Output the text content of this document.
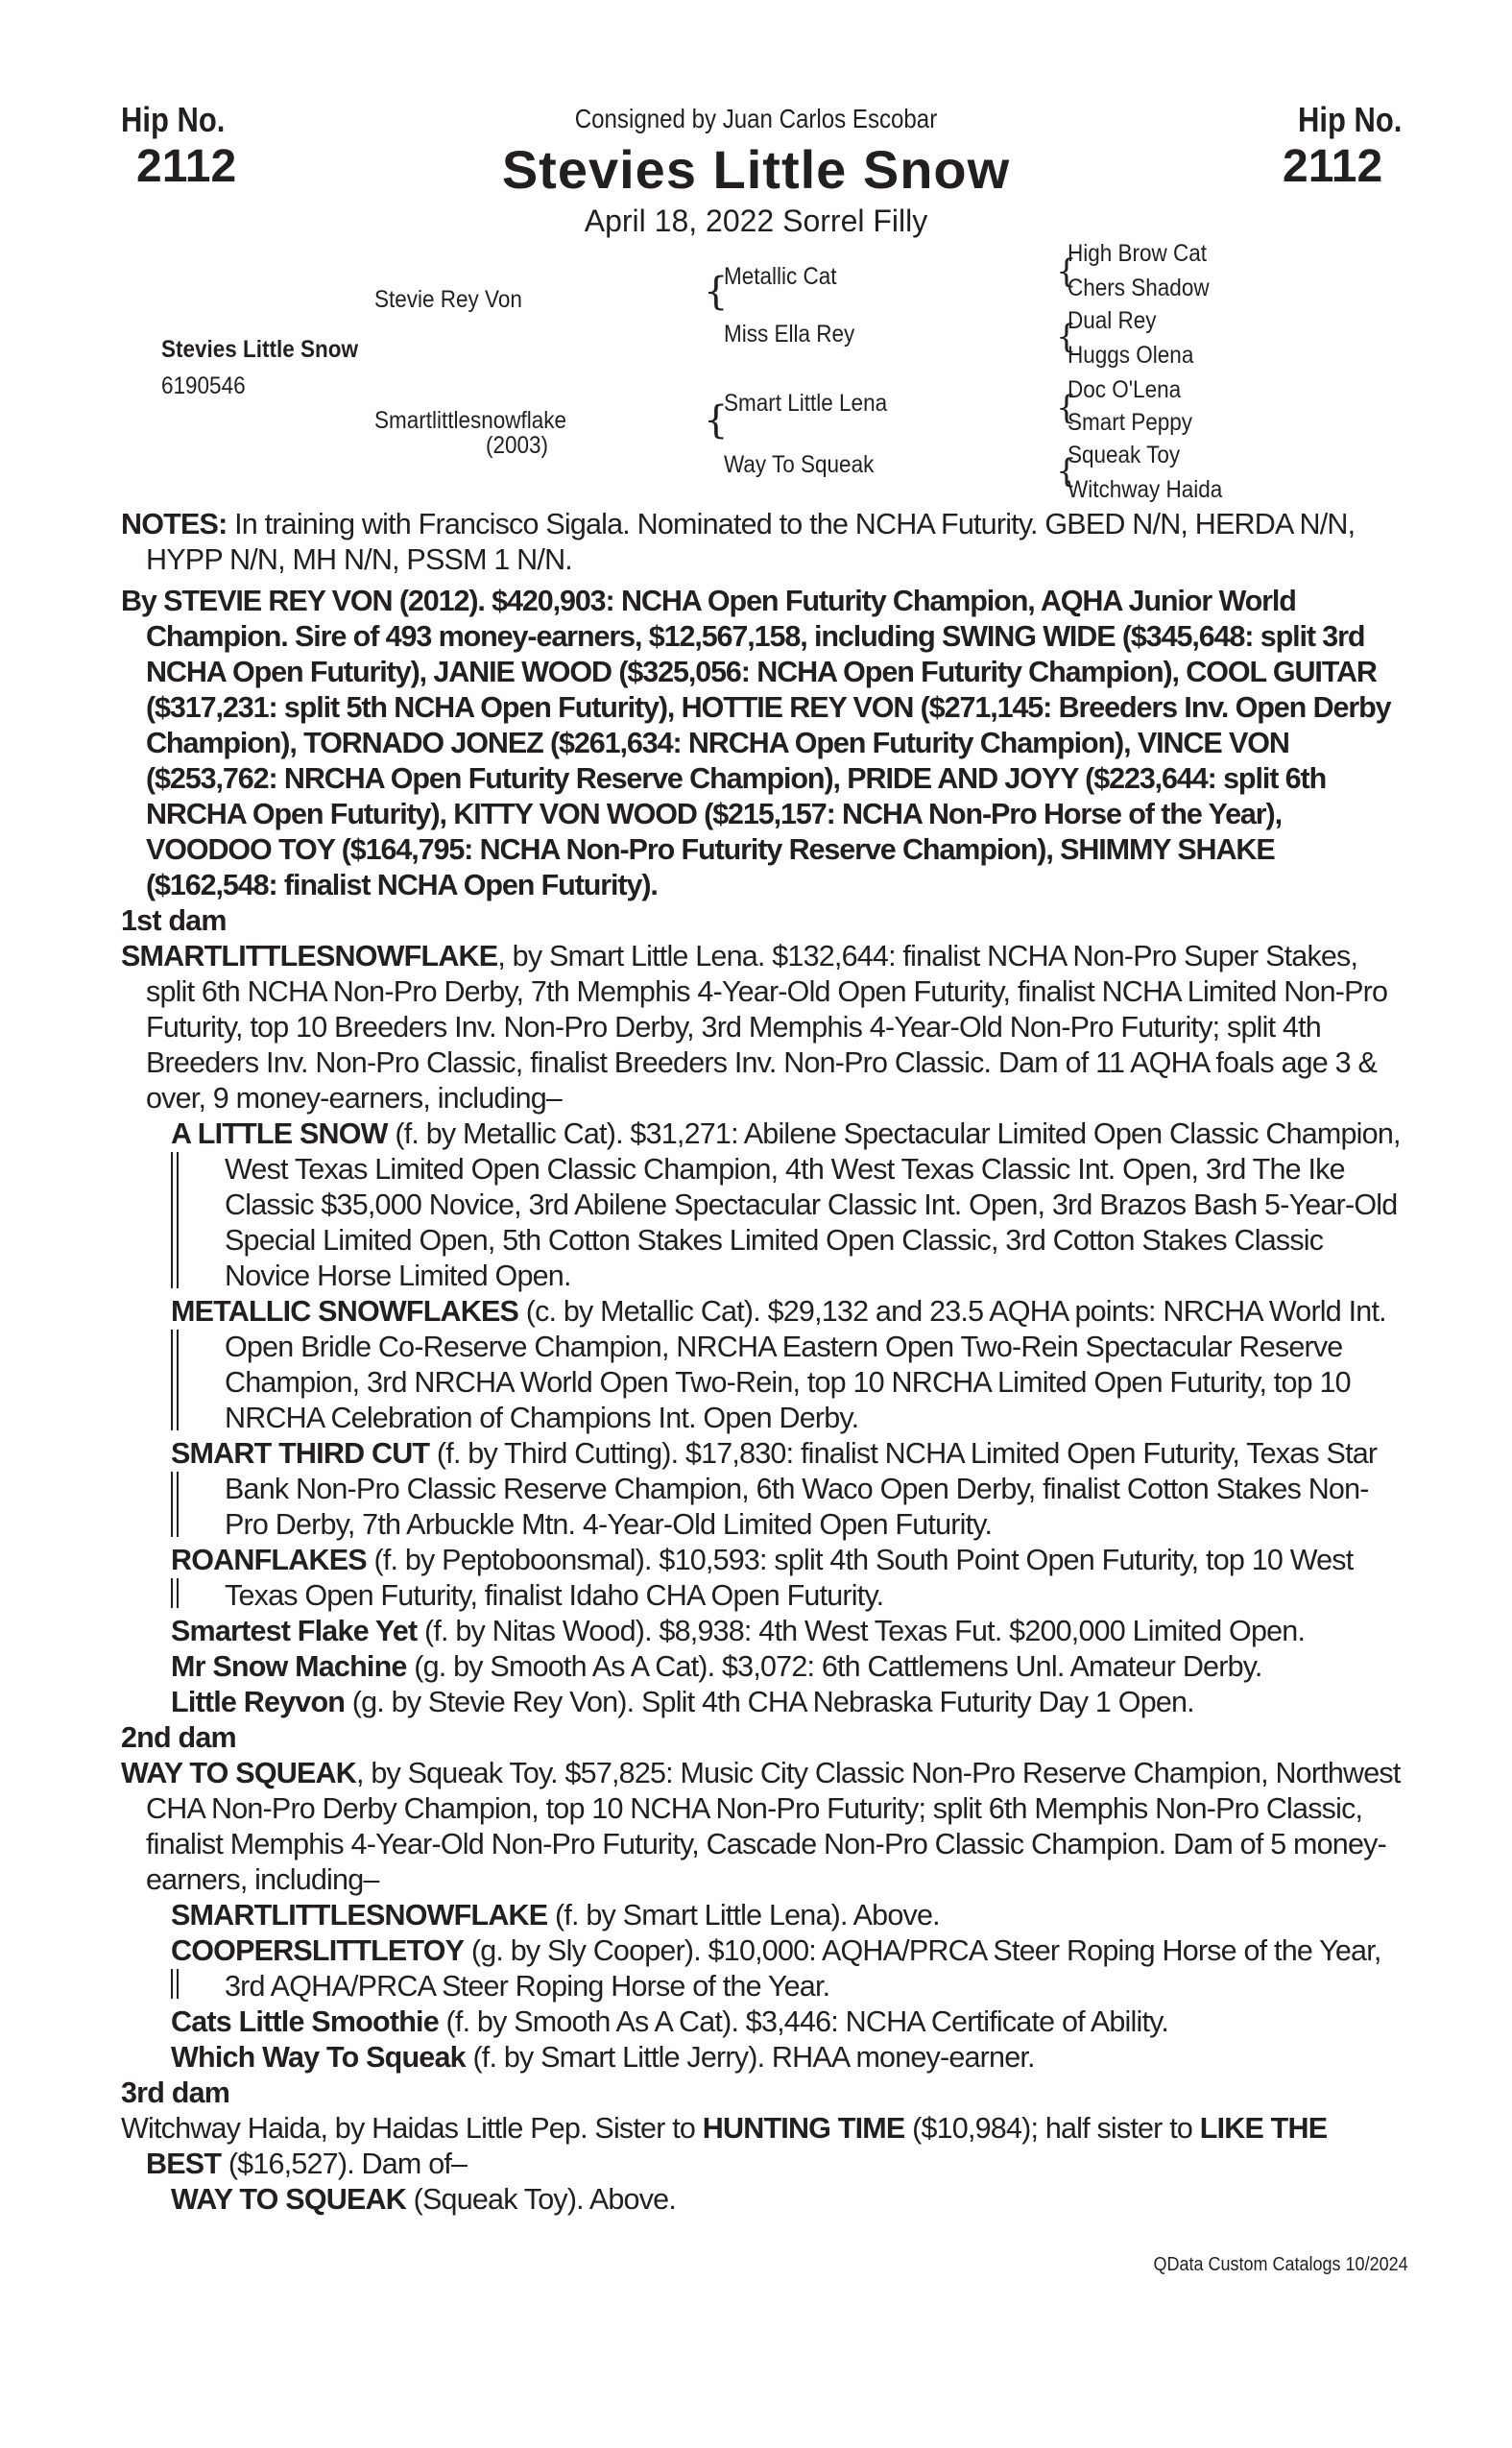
Hip No.
2112
Hip No.
2112
Consigned by Juan Carlos Escobar
Stevies Little Snow
April 18, 2022 Sorrel Filly
Stevie Rey Von
Stevies Little Snow
6190546
Smartlittlesnowflake
(2003)
{
Metallic Cat
Miss Ella Rey
{
Smart Little Lena
Way To Squeak
{
High Brow Cat
Chers Shadow
{
Dual Rey
Huggs Olena
{
Doc O'Lena
Smart Peppy
{
Squeak Toy
Witchway Haida

NOTES: In training with Francisco Sigala. Nominated to the NCHA Futurity. GBED N/N, HERDA N/N, HYPP N/N, MH N/N, PSSM 1 N/N.

By STEVIE REY VON (2012). $420,903: NCHA Open Futurity Champion, AQHA Junior World Champion. Sire of 493 money-earners, $12,567,158, including SWING WIDE ($345,648: split 3rd NCHA Open Futurity), JANIE WOOD ($325,056: NCHA Open Futurity Champion), COOL GUITAR ($317,231: split 5th NCHA Open Futurity), HOTTIE REY VON ($271,145: Breeders Inv. Open Derby Champion), TORNADO JONEZ ($261,634: NRCHA Open Futurity Champion), VINCE VON ($253,762: NRCHA Open Futurity Reserve Champion), PRIDE AND JOYY ($223,644: split 6th NRCHA Open Futurity), KITTY VON WOOD ($215,157: NCHA Non-Pro Horse of the Year), VOODOO TOY ($164,795: NCHA Non-Pro Futurity Reserve Champion), SHIMMY SHAKE ($162,548: finalist NCHA Open Futurity).

1st dam

SMARTLITTLESNOWFLAKE, by Smart Little Lena. $132,644: finalist NCHA Non-Pro Super Stakes, split 6th NCHA Non-Pro Derby, 7th Memphis 4-Year-Old Open Futurity, finalist NCHA Limited Non-Pro Futurity, top 10 Breeders Inv. Non-Pro Derby, 3rd Memphis 4-Year-Old Non-Pro Futurity; split 4th Breeders Inv. Non-Pro Classic, finalist Breeders Inv. Non-Pro Classic. Dam of 11 AQHA foals age 3 & over, 9 money-earners, including–

A LITTLE SNOW (f. by Metallic Cat). $31,271: Abilene Spectacular Limited Open Classic Champion, West Texas Limited Open Classic Champion, 4th West Texas Classic Int. Open, 3rd The Ike Classic $35,000 Novice, 3rd Abilene Spectacular Classic Int. Open, 3rd Brazos Bash 5-Year-Old Special Limited Open, 5th Cotton Stakes Limited Open Classic, 3rd Cotton Stakes Classic Novice Horse Limited Open.
METALLIC SNOWFLAKES (c. by Metallic Cat). $29,132 and 23.5 AQHA points: NRCHA World Int. Open Bridle Co-Reserve Champion, NRCHA Eastern Open Two-Rein Spectacular Reserve Champion, 3rd NRCHA World Open Two-Rein, top 10 NRCHA Limited Open Futurity, top 10 NRCHA Celebration of Champions Int. Open Derby.
SMART THIRD CUT (f. by Third Cutting). $17,830: finalist NCHA Limited Open Futurity, Texas Star Bank Non-Pro Classic Reserve Champion, 6th Waco Open Derby, finalist Cotton Stakes Non-Pro Derby, 7th Arbuckle Mtn. 4-Year-Old Limited Open Futurity.
ROANFLAKES (f. by Peptoboonsmal). $10,593: split 4th South Point Open Futurity, top 10 West Texas Open Futurity, finalist Idaho CHA Open Futurity.
Smartest Flake Yet (f. by Nitas Wood). $8,938: 4th West Texas Fut. $200,000 Limited Open.
Mr Snow Machine (g. by Smooth As A Cat). $3,072: 6th Cattlemens Unl. Amateur Derby.
Little Reyvon (g. by Stevie Rey Von). Split 4th CHA Nebraska Futurity Day 1 Open.

2nd dam

WAY TO SQUEAK, by Squeak Toy. $57,825: Music City Classic Non-Pro Reserve Champion, Northwest CHA Non-Pro Derby Champion, top 10 NCHA Non-Pro Futurity; split 6th Memphis Non-Pro Classic, finalist Memphis 4-Year-Old Non-Pro Futurity, Cascade Non-Pro Classic Champion. Dam of 5 money-earners, including–

SMARTLITTLESNOWFLAKE (f. by Smart Little Lena). Above.
COOPERSLITTLETOY (g. by Sly Cooper). $10,000: AQHA/PRCA Steer Roping Horse of the Year, 3rd AQHA/PRCA Steer Roping Horse of the Year.
Cats Little Smoothie (f. by Smooth As A Cat). $3,446: NCHA Certificate of Ability.
Which Way To Squeak (f. by Smart Little Jerry). RHAA money-earner.

3rd dam

Witchway Haida, by Haidas Little Pep. Sister to HUNTING TIME ($10,984); half sister to LIKE THE BEST ($16,527). Dam of–

WAY TO SQUEAK (Squeak Toy). Above.
QData Custom Catalogs 10/2024
